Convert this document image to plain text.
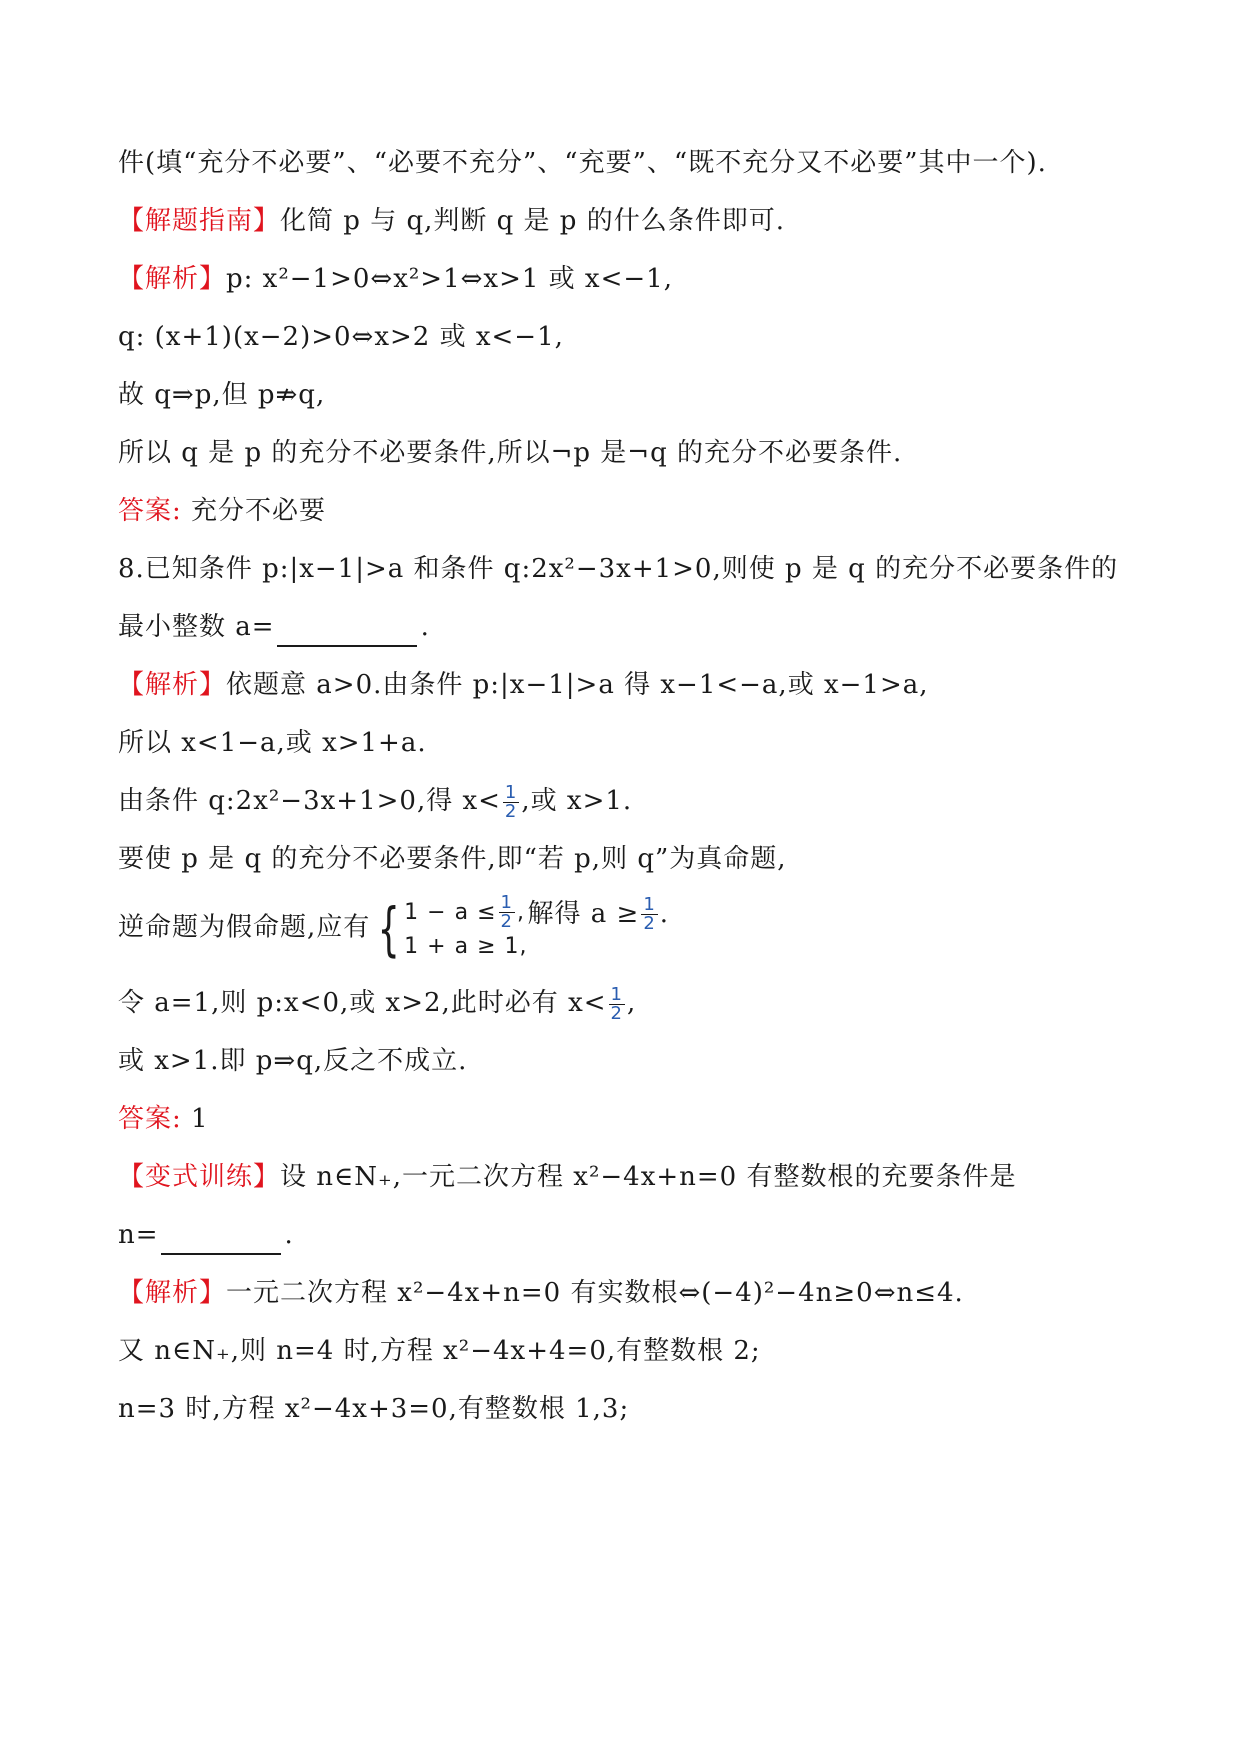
件(填“充分不必要”、“必要不充分”、“充要”、“既不充分又不必要”其中一个).
【解题指南】化简 p 与 q,判断 q 是 p 的什么条件即可.
【解析】p: x²−1>0⇔x²>1⇔x>1 或 x<−1,
q: (x+1)(x−2)>0⇔x>2 或 x<−1,
故 q⇒p,但 p⇏q,
所以 q 是 p 的充分不必要条件,所以¬p 是¬q 的充分不必要条件.
答案: 充分不必要
8.已知条件 p:|x−1|>a 和条件 q:2x²−3x+1>0,则使 p 是 q 的充分不必要条件的
最小整数 a=	.
【解析】依题意 a>0.由条件 p:|x−1|>a 得 x−1<−a,或 x−1>a,
所以 x<1−a,或 x>1+a.
由条件 q:2x²−3x+1>0,得 $x< \frac{1}{2}$ ,或 x>1.
要使 p 是 q 的充分不必要条件,即“若 p,则 q”为真命题,
逆命题为假命题,应有 { $1 - a \le \frac{1}{2}$ ,
1 + a ≥ 1,
解得 $a \ge \frac{1}{2}$ .
令 a=1,则 p:x<0,或 x>2,此时必有 $x< \frac{1}{2}$ ,
或 x>1.即 p⇒q,反之不成立.
答案: 1
【变式训练】设 n∈N₊,一元二次方程 x²−4x+n=0 有整数根的充要条件是
n=	.
【解析】一元二次方程 x²−4x+n=0 有实数根⇔(−4)²−4n≥0⇔n≤4.
又 n∈N₊,则 n=4 时,方程 x²−4x+4=0,有整数根 2;
n=3 时,方程 x²−4x+3=0,有整数根 1,3;
